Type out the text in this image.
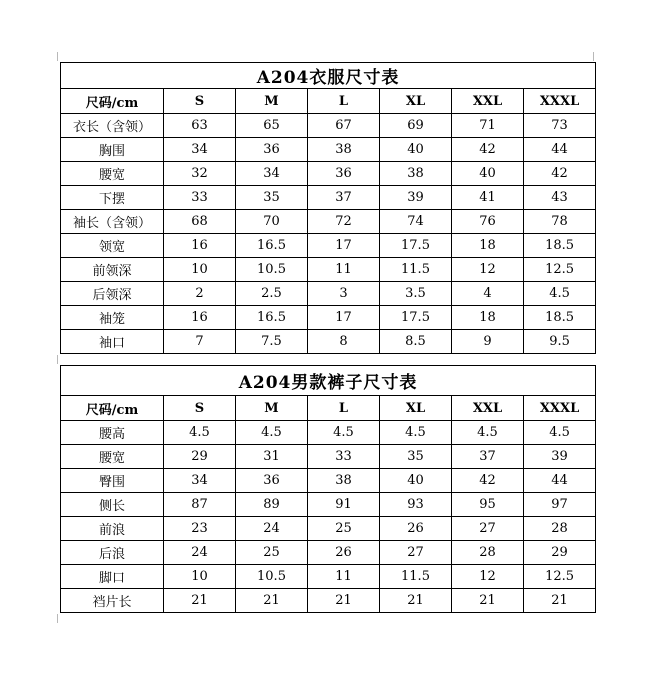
A204衣服尺寸表						
尺码/cm	S	M	L	XL	XXL	XXXL
衣长（含领）	63	65	67	69	71	73
胸围	34	36	38	40	42	44
腰宽	32	34	36	38	40	42
下摆	33	35	37	39	41	43
袖长（含领）	68	70	72	74	76	78
领宽	16	16.5	17	17.5	18	18.5
前领深	10	10.5	11	11.5	12	12.5
后领深	2	2.5	3	3.5	4	4.5
袖笼	16	16.5	17	17.5	18	18.5
袖口	7	7.5	8	8.5	9	9.5
A204男款裤子尺寸表						
尺码/cm	S	M	L	XL	XXL	XXXL
腰高	4.5	4.5	4.5	4.5	4.5	4.5
腰宽	29	31	33	35	37	39
臀围	34	36	38	40	42	44
侧长	87	89	91	93	95	97
前浪	23	24	25	26	27	28
后浪	24	25	26	27	28	29
脚口	10	10.5	11	11.5	12	12.5
裆片长	21	21	21	21	21	21
